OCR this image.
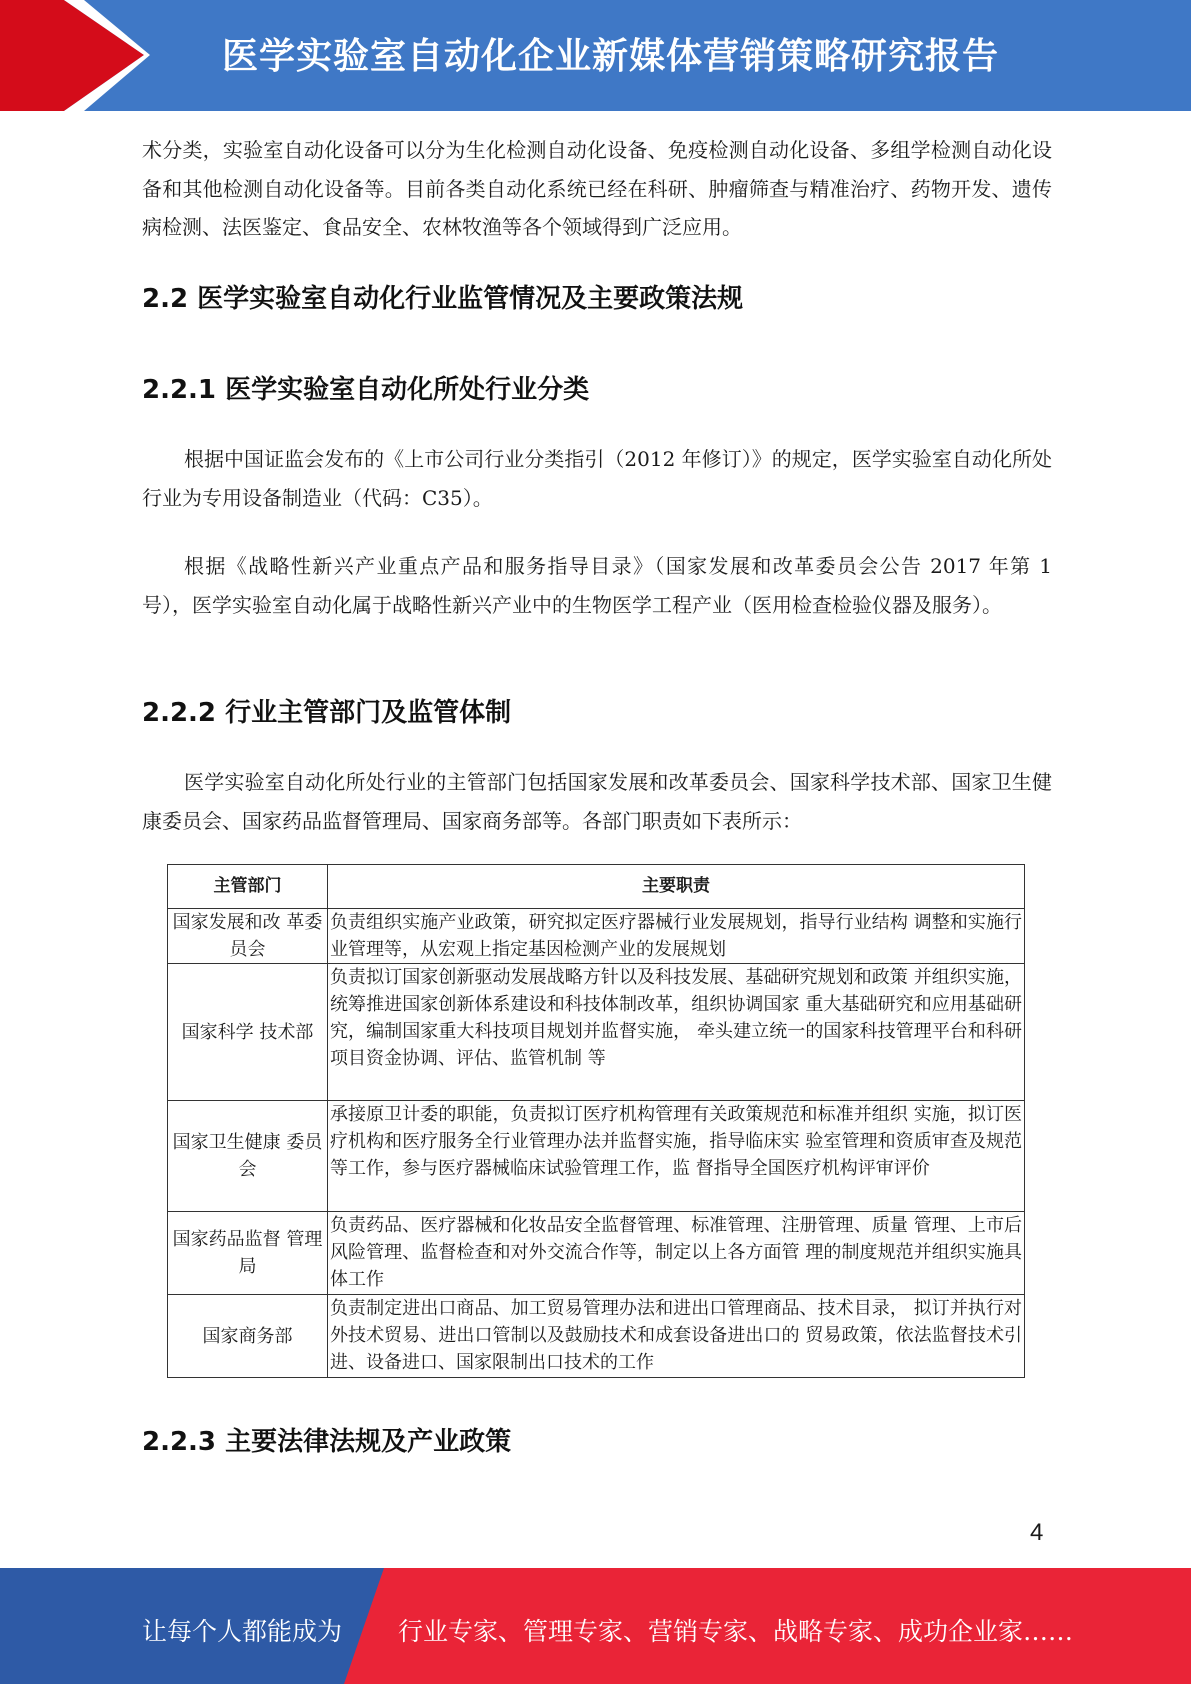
医学实验室自动化企业新媒体营销策略研究报告

术分类，实验室自动化设备可以分为生化检测自动化设备、免疫检测自动化设备、多组学检测自动化设备和其他检测自动化设备等。目前各类自动化系统已经在科研、肿瘤筛查与精准治疗、药物开发、遗传病检测、法医鉴定、食品安全、农林牧渔等各个领域得到广泛应用。

2.2 医学实验室自动化行业监管情况及主要政策法规
2.2.1 医学实验室自动化所处行业分类

根据中国证监会发布的《上市公司行业分类指引（2012 年修订）》的规定，医学实验室自动化所处行业为专用设备制造业（代码：C35）。

根据《战略性新兴产业重点产品和服务指导目录》（国家发展和改革委员会公告 2017 年第 1 号），医学实验室自动化属于战略性新兴产业中的生物医学工程产业（医用检查检验仪器及服务）。

2.2.2 行业主管部门及监管体制

医学实验室自动化所处行业的主管部门包括国家发展和改革委员会、国家科学技术部、国家卫生健康委员会、国家药品监督管理局、国家商务部等。各部门职责如下表所示：

主管部门	主要职责
国家发展和改 革委员会	负责组织实施产业政策，研究拟定医疗器械行业发展规划，指导行业结构 调整和实施行业管理等，从宏观上指定基因检测产业的发展规划
国家科学 技术部	负责拟订国家创新驱动发展战略方针以及科技发展、基础研究规划和政策 并组织实施，统筹推进国家创新体系建设和科技体制改革，组织协调国家 重大基础研究和应用基础研究，编制国家重大科技项目规划并监督实施， 牵头建立统一的国家科技管理平台和科研项目资金协调、评估、监管机制 等
国家卫生健康 委员会	承接原卫计委的职能，负责拟订医疗机构管理有关政策规范和标准并组织 实施，拟订医疗机构和医疗服务全行业管理办法并监督实施，指导临床实 验室管理和资质审查及规范等工作，参与医疗器械临床试验管理工作，监 督指导全国医疗机构评审评价
国家药品监督 管理局	负责药品、医疗器械和化妆品安全监督管理、标准管理、注册管理、质量 管理、上市后风险管理、监督检查和对外交流合作等，制定以上各方面管 理的制度规范并组织实施具体工作
国家商务部	负责制定进出口商品、加工贸易管理办法和进出口管理商品、技术目录， 拟订并执行对外技术贸易、进出口管制以及鼓励技术和成套设备进出口的 贸易政策，依法监督技术引进、设备进口、国家限制出口技术的工作
2.2.3 主要法律法规及产业政策
4
让每个人都能成为 行业专家、管理专家、营销专家、战略专家、成功企业家……
